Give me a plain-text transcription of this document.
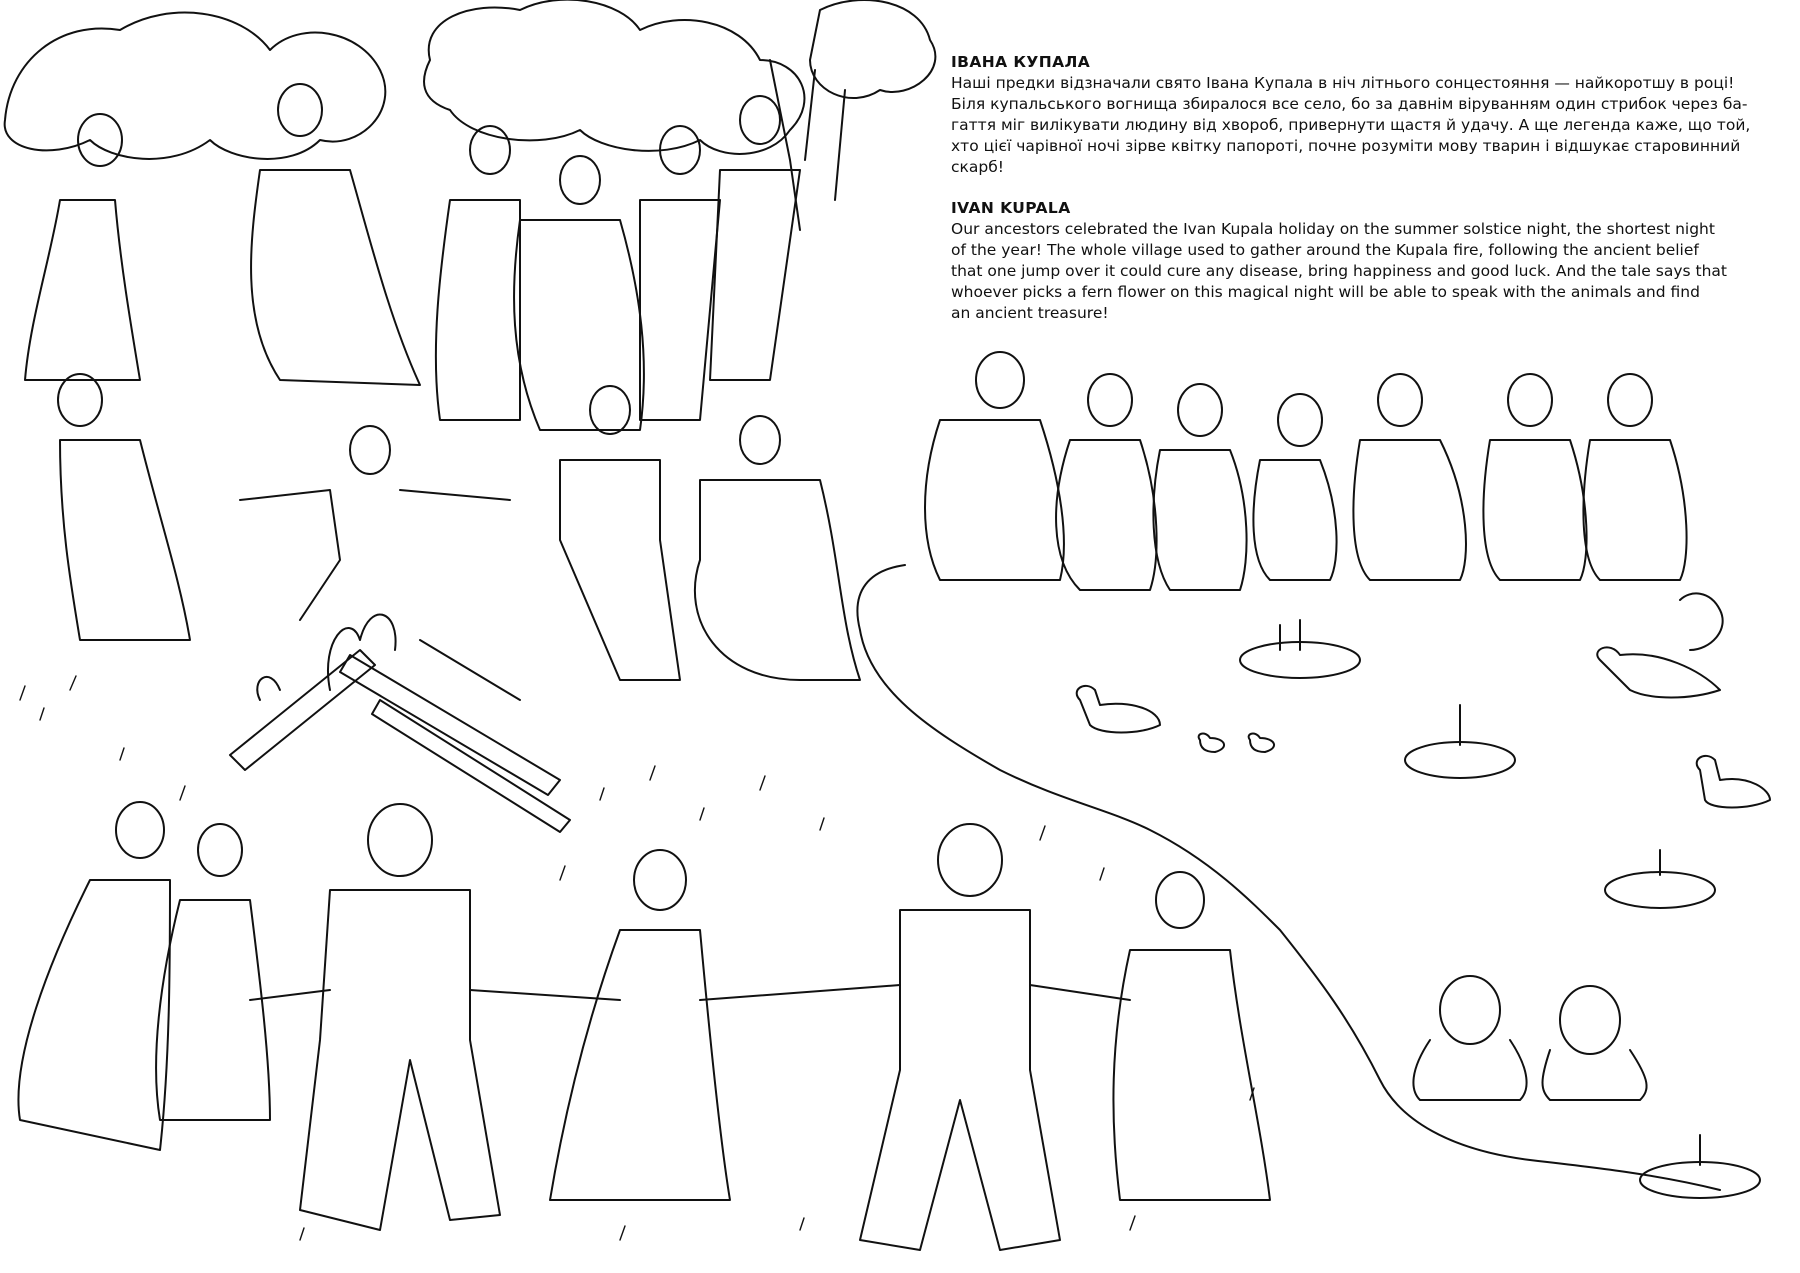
ІВАНА КУПАЛА

Наші предки відзначали свято Івана Купала в ніч літнього сонцестояння — найкоротшу в році!
Біля купальського вогнища збиралося все село, бо за давнім віруванням один стрибок через ба-
гаття міг вилікувати людину від хвороб, привернути щастя й удачу. А ще легенда каже, що той,
хто цієї чарівної ночі зірве квітку папороті, почне розуміти мову тварин і відшукає старовинний
скарб!

IVAN KUPALA

Our ancestors celebrated the Ivan Kupala holiday on the summer solstice night, the shortest night
of the year! The whole village used to gather around the Kupala fire, following the ancient belief
that one jump over it could cure any disease, bring happiness and good luck. And the tale says that
whoever picks a fern flower on this magical night will be able to speak with the animals and find
an ancient treasure!
